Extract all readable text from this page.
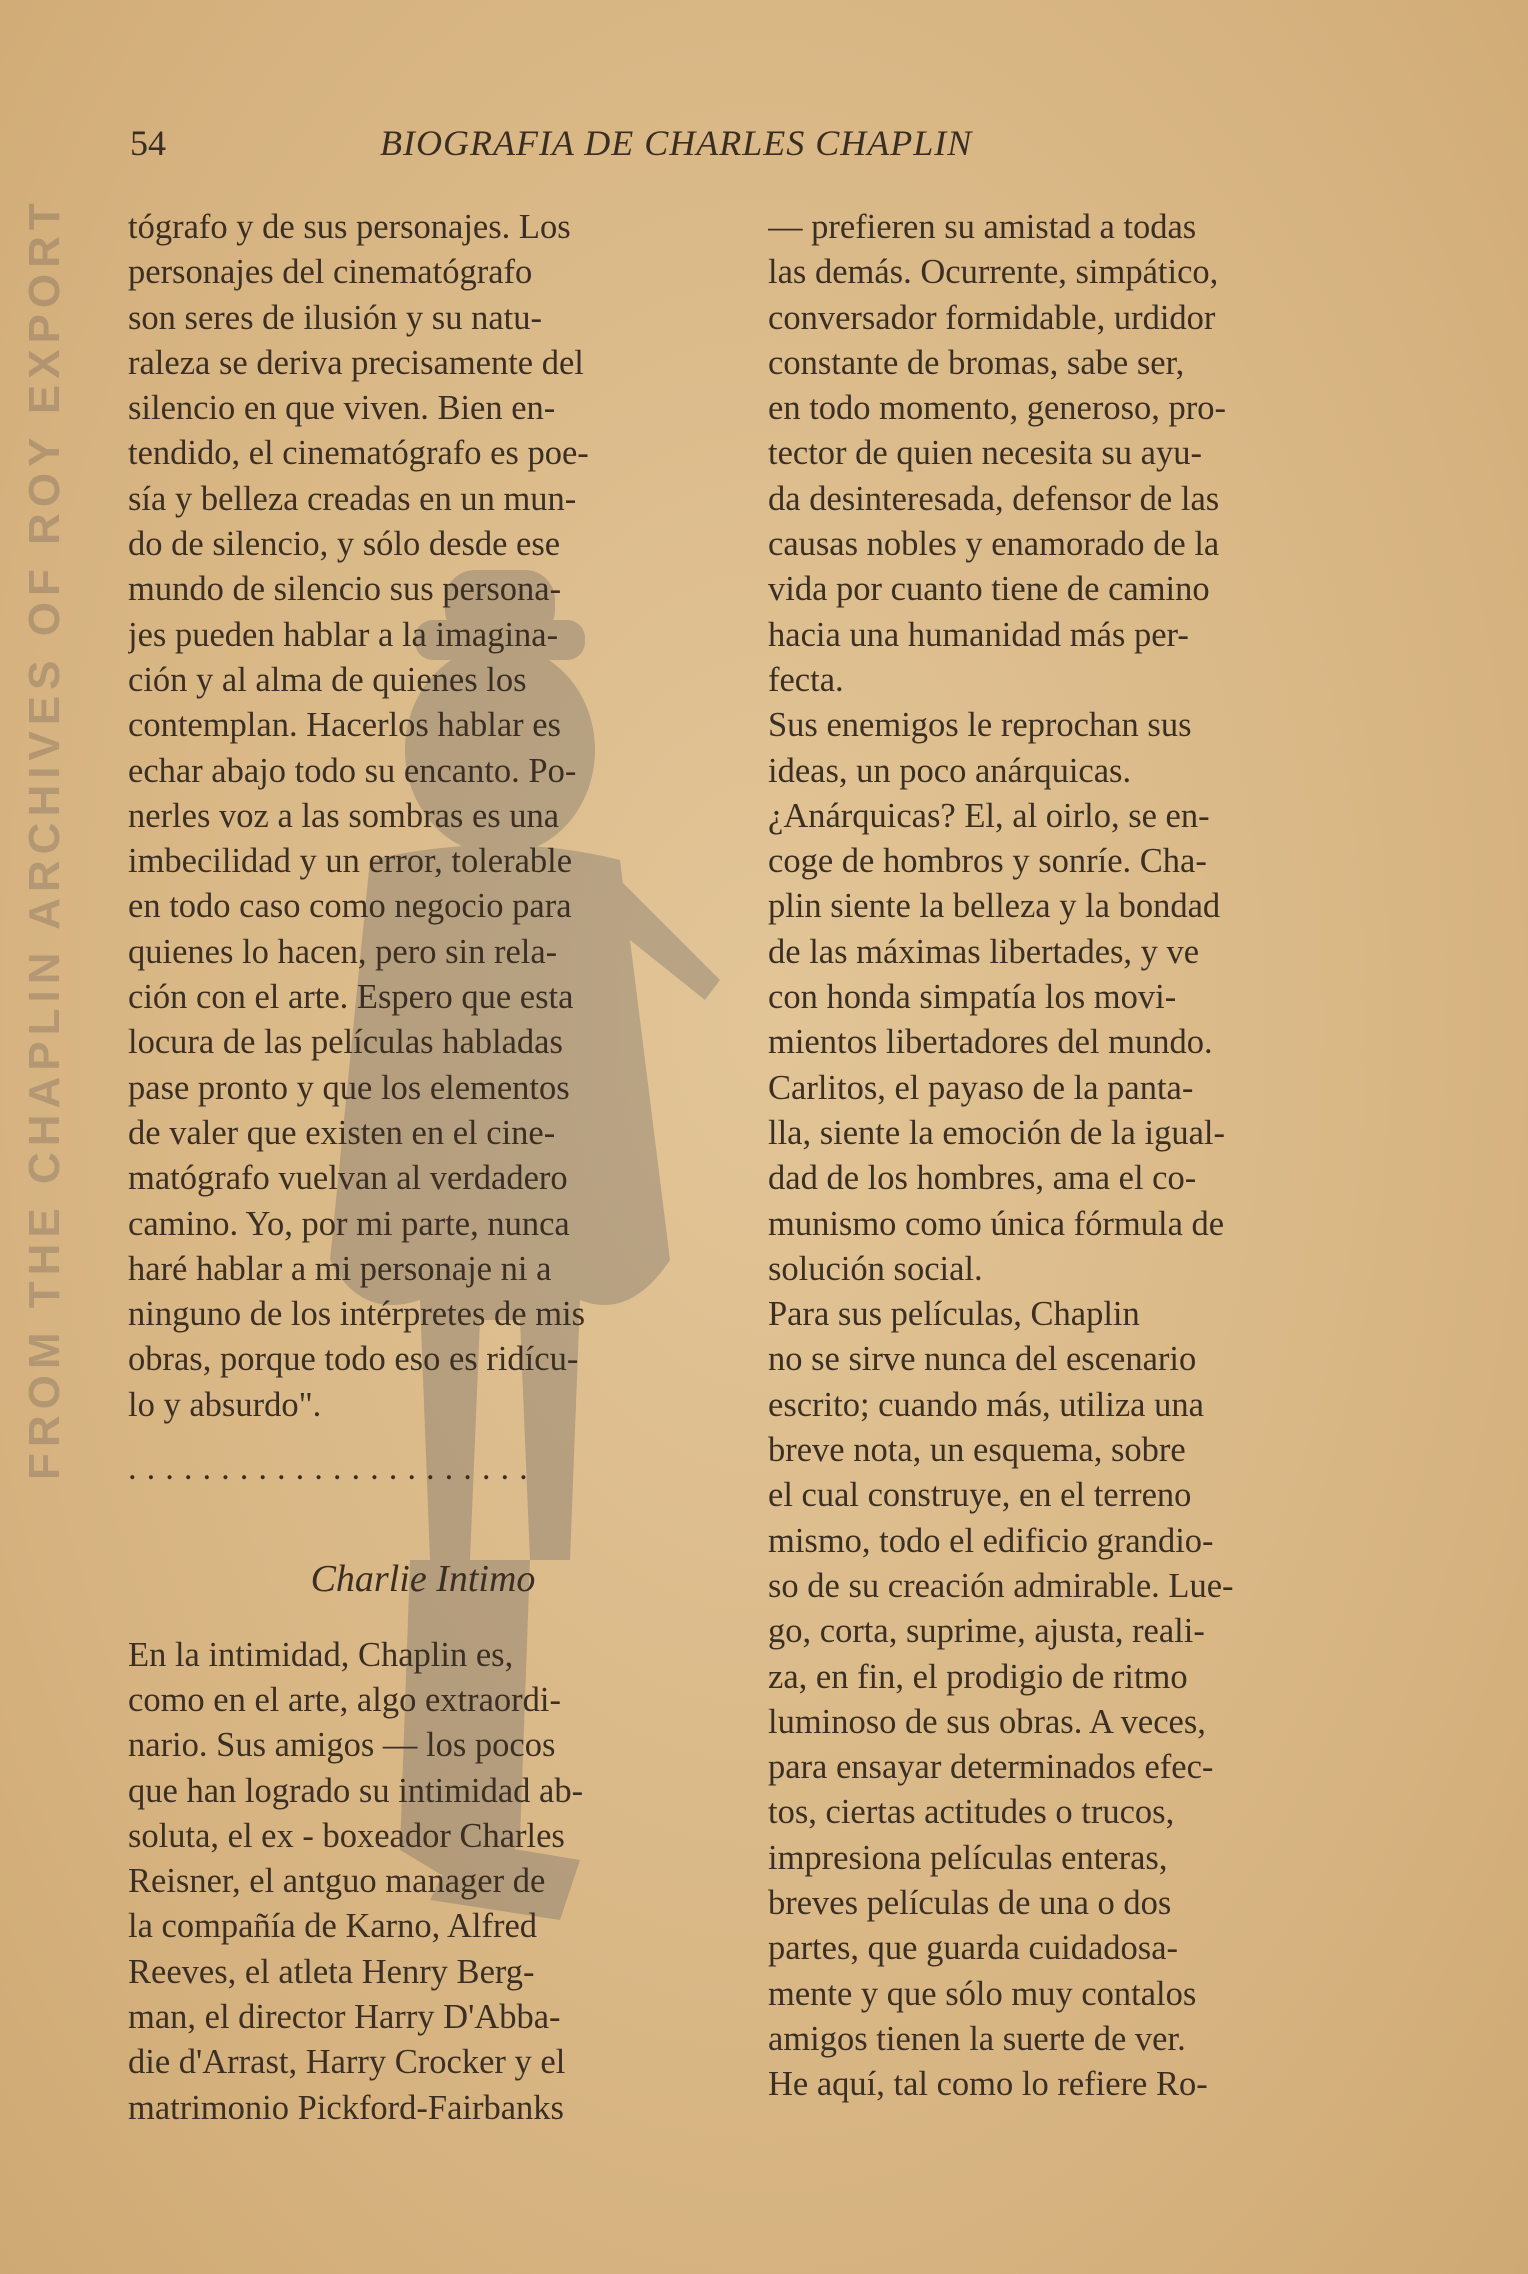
FROM THE CHAPLIN ARCHIVES OF ROY EXPORT
54	BIOGRAFIA DE CHARLES CHAPLIN
tógrafo y de sus personajes. Los
personajes del cinematógrafo
son seres de ilusión y su natu-
raleza se deriva precisamente del
silencio en que viven. Bien en-
tendido, el cinematógrafo es poe-
sía y belleza creadas en un mun-
do de silencio, y sólo desde ese
mundo de silencio sus persona-
jes pueden hablar a la imagina-
ción y al alma de quienes los
contemplan. Hacerlos hablar es
echar abajo todo su encanto. Po-
nerles voz a las sombras es una
imbecilidad y un error, tolerable
en todo caso como negocio para
quienes lo hacen, pero sin rela-
ción con el arte. Espero que esta
locura de las películas habladas
pase pronto y que los elementos
de valer que existen en el cine-
matógrafo vuelvan al verdadero
camino. Yo, por mi parte, nunca
haré hablar a mi personaje ni a
ninguno de los intérpretes de mis
obras, porque todo eso es ridícu-
lo y absurdo".
......................
Charlie Intimo
En la intimidad, Chaplin es,
como en el arte, algo extraordi-
nario. Sus amigos — los pocos
que han logrado su intimidad ab-
soluta, el ex - boxeador Charles
Reisner, el antguo manager de
la compañía de Karno, Alfred
Reeves, el atleta Henry Berg-
man, el director Harry D'Abba-
die d'Arrast, Harry Crocker y el
matrimonio Pickford-Fairbanks
— prefieren su amistad a todas
las demás. Ocurrente, simpático,
conversador formidable, urdidor
constante de bromas, sabe ser,
en todo momento, generoso, pro-
tector de quien necesita su ayu-
da desinteresada, defensor de las
causas nobles y enamorado de la
vida por cuanto tiene de camino
hacia una humanidad más per-
fecta.
Sus enemigos le reprochan sus
ideas, un poco anárquicas.
¿Anárquicas? El, al oirlo, se en-
coge de hombros y sonríe. Cha-
plin siente la belleza y la bondad
de las máximas libertades, y ve
con honda simpatía los movi-
mientos libertadores del mundo.
Carlitos, el payaso de la panta-
lla, siente la emoción de la igual-
dad de los hombres, ama el co-
munismo como única fórmula de
solución social.
Para sus películas, Chaplin
no se sirve nunca del escenario
escrito; cuando más, utiliza una
breve nota, un esquema, sobre
el cual construye, en el terreno
mismo, todo el edificio grandio-
so de su creación admirable. Lue-
go, corta, suprime, ajusta, reali-
za, en fin, el prodigio de ritmo
luminoso de sus obras. A veces,
para ensayar determinados efec-
tos, ciertas actitudes o trucos,
impresiona películas enteras,
breves películas de una o dos
partes, que guarda cuidadosa-
mente y que sólo muy contalos
amigos tienen la suerte de ver.
He aquí, tal como lo refiere Ro-
